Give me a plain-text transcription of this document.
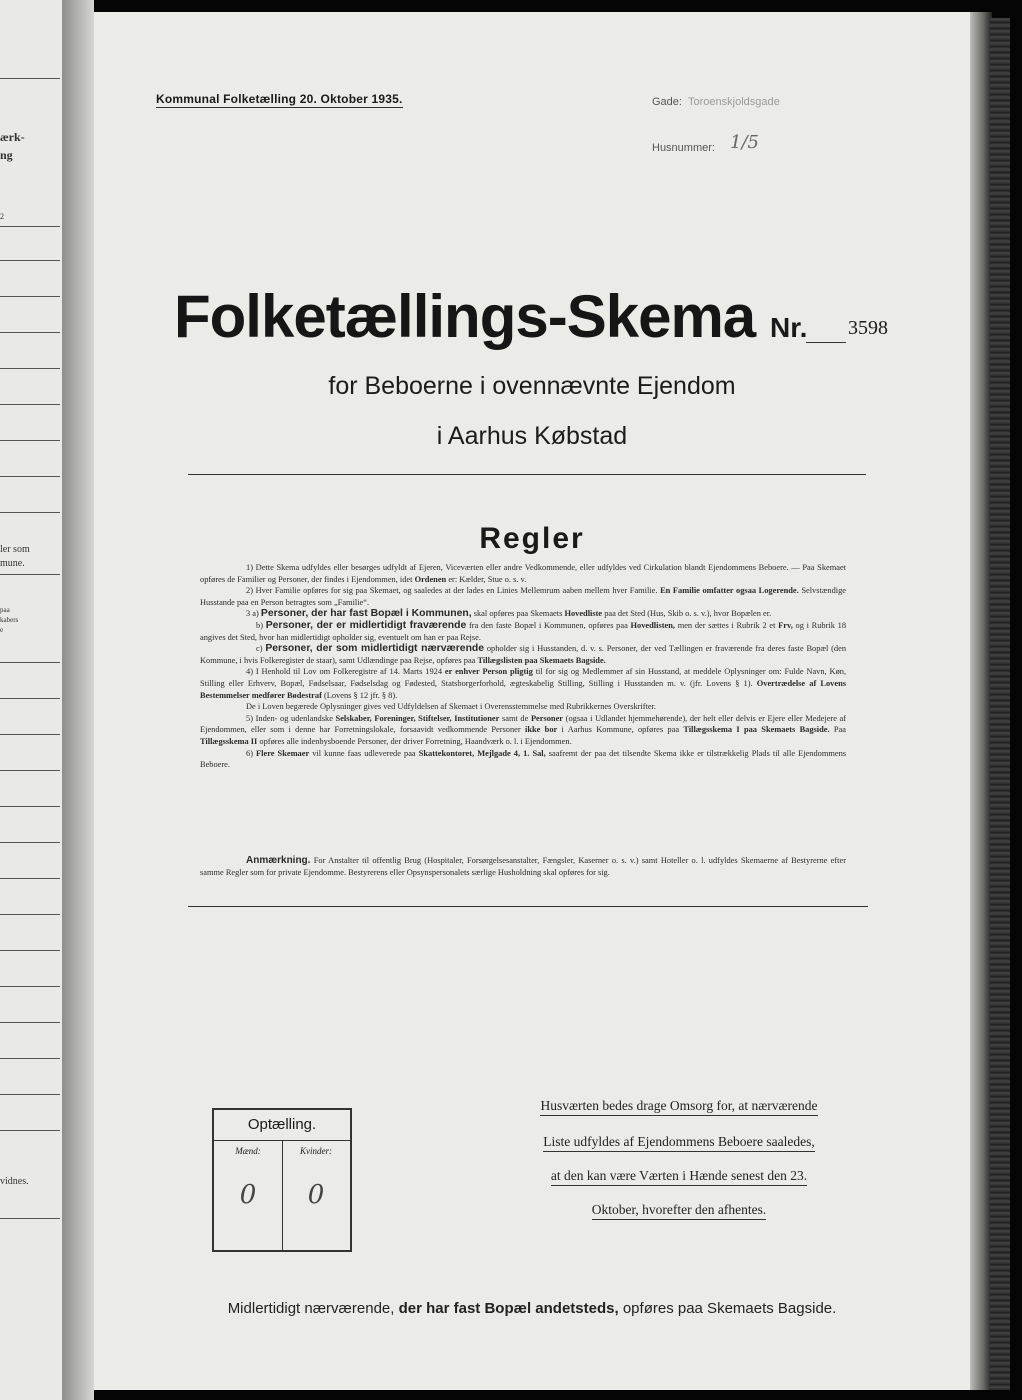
ærk-
ng
2
ler som
mune.
paa
kabers
e
vidnes.
Kommunal Folketælling 20. Oktober 1935.	Gade: Toroenskjoldsgade
Husnummer: 1/5
Folketællings-Skema Nr. 3598
for Beboerne i ovennævnte Ejendom
i Aarhus Købstad
Regler

1) Dette Skema udfyldes eller besørges udfyldt af Ejeren, Viceværten eller andre Vedkommende, eller udfyldes ved Cirkulation blandt Ejendommens Beboere. — Paa Skemaet opføres de Familier og Personer, der findes i Ejendommen, idet Ordenen er: Kælder, Stue o. s. v.

2) Hver Familie opføres for sig paa Skemaet, og saaledes at der lades en Linies Mellemrum aaben mellem hver Familie. En Familie omfatter ogsaa Logerende. Selvstændige Husstande paa en Person betragtes som „Familie“.

3 a) Personer, der har fast Bopæl i Kommunen, skal opføres paa Skemaets Hovedliste paa det Sted (Hus, Skib o. s. v.), hvor Bopælen er.

b) Personer, der er midlertidigt fraværende fra den faste Bopæl i Kommunen, opføres paa Hovedlisten, men der sættes i Rubrik 2 et Frv, og i Rubrik 18 angives det Sted, hvor han midlertidigt opholder sig, eventuelt om han er paa Rejse.

c) Personer, der som midlertidigt nærværende opholder sig i Husstanden, d. v. s. Personer, der ved Tællingen er fraværende fra deres faste Bopæl (den Kommune, i hvis Folkeregister de staar), samt Udlændinge paa Rejse, opføres paa Tillægslisten paa Skemaets Bagside.

4) I Henhold til Lov om Folkeregistre af 14. Marts 1924 er enhver Person pligtig til for sig og Medlemmer af sin Husstand, at meddele Oplysninger om: Fulde Navn, Køn, Stilling eller Erhverv, Bopæl, Fødselsaar, Fødselsdag og Fødested, Statsborgerforhold, ægteskabelig Stilling, Stilling i Husstanden m. v. (jfr. Lovens § 1). Overtrædelse af Lovens Bestemmelser medfører Bødestraf (Lovens § 12 jfr. § 8).

De i Loven begærede Oplysninger gives ved Udfyldelsen af Skemaet i Overensstemmelse med Rubrikkernes Overskrifter.

5) Inden- og udenlandske Selskaber, Foreninger, Stiftelser, Institutioner samt de Personer (ogsaa i Udlandet hjemmehørende), der helt eller delvis er Ejere eller Medejere af Ejendommen, eller som i denne har Forretningslokale, forsaavidt vedkommende Personer ikke bor i Aarhus Kommune, opføres paa Tillægsskema I paa Skemaets Bagside. Paa Tillægsskema II opføres alle indenbysboende Personer, der driver Forretning, Haandværk o. l. i Ejendommen.

6) Flere Skemaer vil kunne faas udleverede paa Skattekontoret, Mejlgade 4, 1. Sal, saafremt der paa det tilsendte Skema ikke er tilstrækkelig Plads til alle Ejendommens Beboere.

Anmærkning. For Anstalter til offentlig Brug (Hospitaler, Forsørgelsesanstalter, Fængsler, Kaserner o. s. v.) samt Hoteller o. l. udfyldes Skemaerne af Bestyrerne efter samme Regler som for private Ejendomme. Bestyrerens eller Opsynspersonalets særlige Husholdning skal opføres for sig.
Optælling.
Mænd:	Kvinder:
0	0
Husværten bedes drage Omsorg for, at nærværende
Liste udfyldes af Ejendommens Beboere saaledes,
at den kan være Værten i Hænde senest den 23.
Oktober, hvorefter den afhentes.
Midlertidigt nærværende, der har fast Bopæl andetsteds, opføres paa Skemaets Bagside.
